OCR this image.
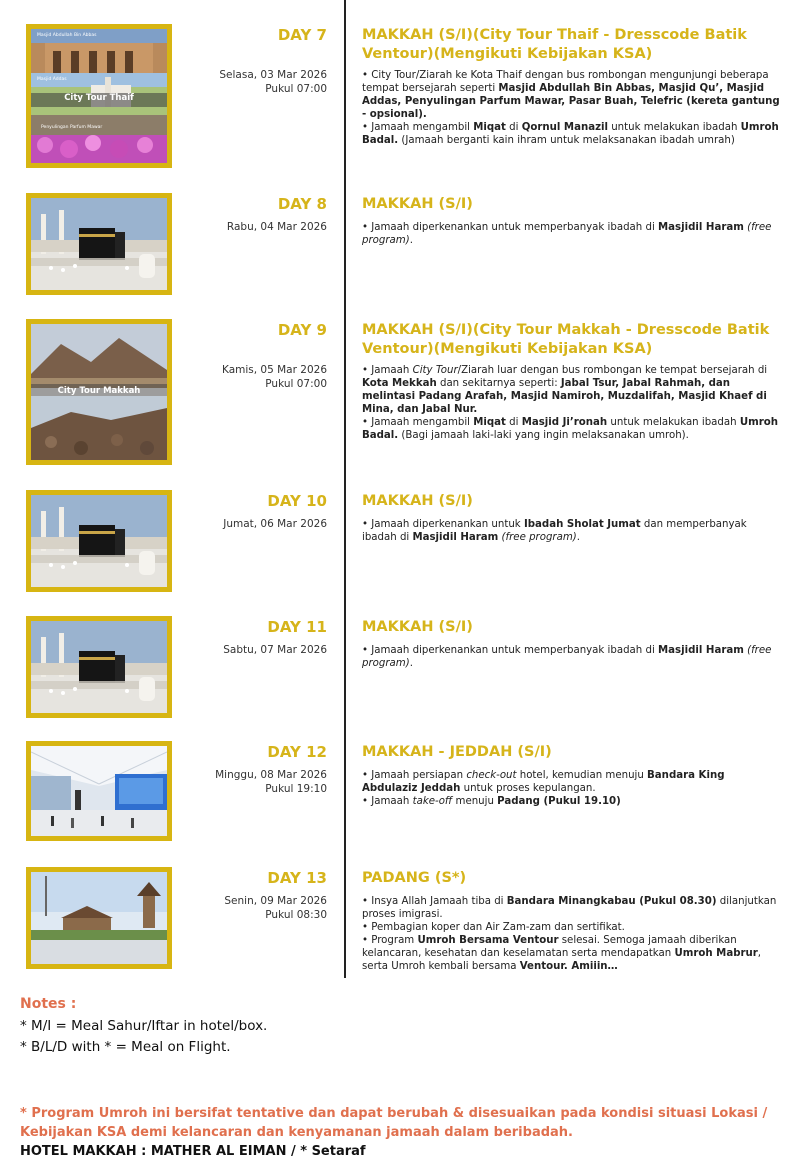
Masjid Abdullah Bin Abbas
Masjid Addas
City Tour Thaif
Penyulingan Parfum Mawar
DAY 7
Selasa, 03 Mar 2026
Pukul 07:00
MAKKAH (S/I)(City Tour Thaif - Dresscode Batik Ventour)(Mengikuti Kebijakan KSA)

• City Tour/Ziarah ke Kota Thaif dengan bus rombongan mengunjungi beberapa tempat bersejarah seperti Masjid Abdullah Bin Abbas, Masjid Qu’, Masjid Addas, Penyulingan Parfum Mawar, Pasar Buah, Telefric (kereta gantung - opsional).

• Jamaah mengambil Miqat di Qornul Manazil untuk melakukan ibadah Umroh Badal. (Jamaah berganti kain ihram untuk melaksanakan ibadah umrah)

DAY 8
Rabu, 04 Mar 2026
MAKKAH (S/I)

• Jamaah diperkenankan untuk memperbanyak ibadah di Masjidil Haram (free program).

City Tour Makkah
DAY 9
Kamis, 05 Mar 2026
Pukul 07:00
MAKKAH (S/I)(City Tour Makkah - Dresscode Batik Ventour)(Mengikuti Kebijakan KSA)

• Jamaah City Tour/Ziarah luar dengan bus rombongan ke tempat bersejarah di Kota Mekkah dan sekitarnya seperti: Jabal Tsur, Jabal Rahmah, dan melintasi Padang Arafah, Masjid Namiroh, Muzdalifah, Masjid Khaef di Mina, dan Jabal Nur.

• Jamaah mengambil Miqat di Masjid Ji’ronah untuk melakukan ibadah Umroh Badal. (Bagi jamaah laki-laki yang ingin melaksanakan umroh).

DAY 10
Jumat, 06 Mar 2026
MAKKAH (S/I)

• Jamaah diperkenankan untuk Ibadah Sholat Jumat dan memperbanyak ibadah di Masjidil Haram (free program).

DAY 11
Sabtu, 07 Mar 2026
MAKKAH (S/I)

• Jamaah diperkenankan untuk memperbanyak ibadah di Masjidil Haram (free program).

DAY 12
Minggu, 08 Mar 2026
Pukul 19:10
MAKKAH - JEDDAH (S/I)

• Jamaah persiapan check-out hotel, kemudian menuju Bandara King Abdulaziz Jeddah untuk proses kepulangan.

• Jamaah take-off menuju Padang (Pukul 19.10)

DAY 13
Senin, 09 Mar 2026
Pukul 08:30
PADANG (S*)

• Insya Allah Jamaah tiba di Bandara Minangkabau (Pukul 08.30) dilanjutkan proses imigrasi.

• Pembagian koper dan Air Zam-zam dan sertifikat.

• Program Umroh Bersama Ventour selesai. Semoga jamaah diberikan kelancaran, kesehatan dan keselamatan serta mendapatkan Umroh Mabrur, serta Umroh kembali bersama Ventour. Amiiin…

Notes :
* M/I = Meal Sahur/Iftar in hotel/box.
* B/L/D with * = Meal on Flight.
* Program Umroh ini bersifat tentative dan dapat berubah & disesuaikan pada kondisi situasi Lokasi / Kebijakan KSA demi kelancaran dan kenyamanan jamaah dalam beribadah.
HOTEL MAKKAH : MATHER AL EIMAN / * Setaraf
